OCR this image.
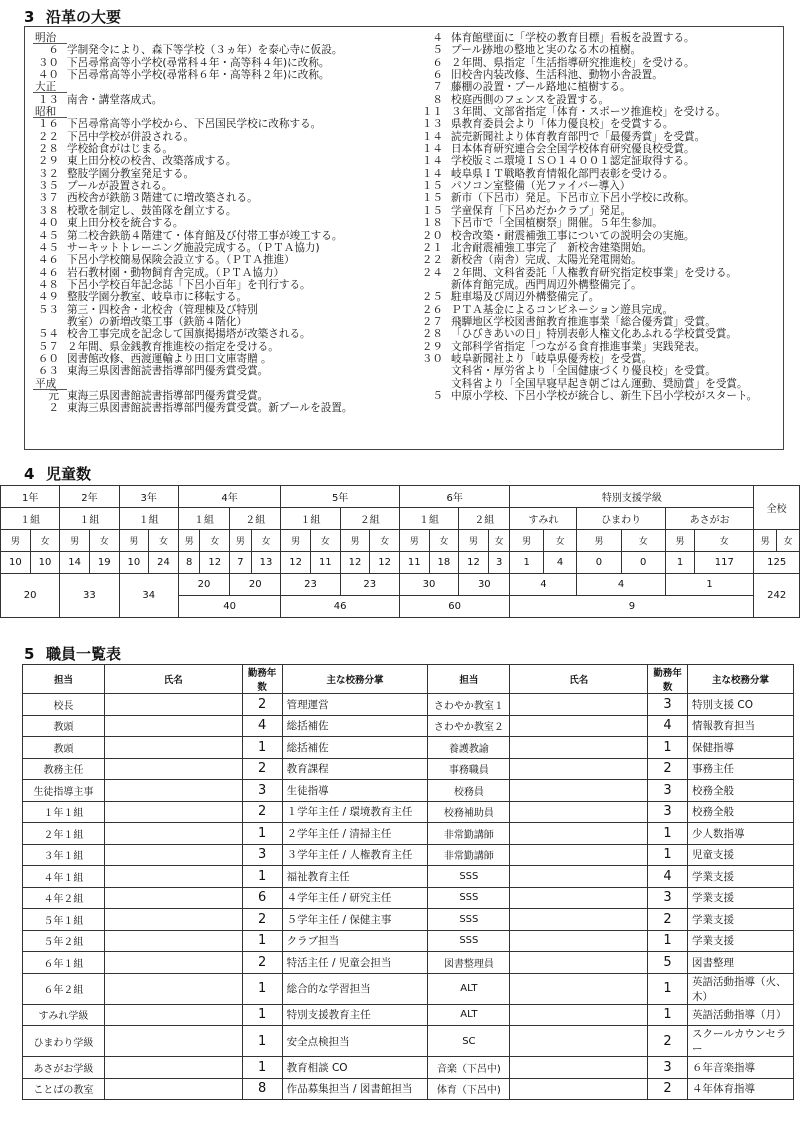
3 沿革の大要
明治
６ 学制発令により、森下等学校（３ヵ年）を泰心寺に仮設。
３０ 下呂尋常高等小学校(尋常科４年・高等科４年)に改称。
４０ 下呂尋常高等小学校(尋常科６年・高等科２年)に改称。
大正
１３ 南舎・講堂落成式。
昭和
１６ 下呂尋常高等小学校から、下呂国民学校に改称する。
２２ 下呂中学校が併設される。
２８ 学校給食がはじまる。
２９ 東上田分校の校舎、改築落成する。
３２ 整肢学園分教室発足する。
３５ プールが設置される。
３７ 西校舎が鉄筋３階建てに増改築される。
３８ 校歌を制定し、鼓笛隊を創立する。
４０ 東上田分校を統合する。
４５ 第二校舎鉄筋４階建て・体育館及び付帯工事が竣工する。
４５ サーキットトレーニング施設完成する。（ＰＴＡ協力)
４６ 下呂小学校簡易保険会設立する。（ＰＴＡ推進）
４６ 岩石教材園・動物飼育舎完成。（ＰＴＡ協力）
４８ 下呂小学校百年記念誌「下呂小百年」を刊行する。
４９ 整肢学園分教室、岐阜市に移転する。
５３ 第三・四校舎・北校舎（管理棟及び特別
教室）の新増改築工事（鉄筋４階化）
５４ 校舎工事完成を記念して国旗掲揚塔が改築される。
５７ ２年間、県金銭教育推進校の指定を受ける。
６０ 図書館改修、西渡運輸より田口文庫寄贈 。
６３ 東海三県図書館読書指導部門優秀賞受賞。
平成
元 東海三県図書館読書指導部門優秀賞受賞。
２ 東海三県図書館読書指導部門優秀賞受賞。新プールを設置。
４ 体育館壁面に「学校の教育目標」看板を設置する。
５ プール跡地の整地と実のなる木の植樹。
６ ２年間、県指定「生活指導研究推進校」を受ける。
６ 旧校舎内装改修、生活科池、動物小舎設置。
７ 藤棚の設置・プール路地に植樹する。
８ 校庭西側のフェンスを設置する。
１１ ３年間、文部省指定「体育・スポーツ推進校」を受ける。
１３ 県教育委員会より「体力優良校」を受賞する。
１４ 読売新聞社より体育教育部門で「最優秀賞」を受賞。
１４ 日本体育研究連合会全国学校体育研究優良校受賞。
１４ 学校版ミニ環境ＩＳＯ１４００１認定証取得する。
１４ 岐阜県ＩＴ戦略教育情報化部門表彰を受ける。
１５ パソコン室整備（光ファイバー導入）
１５ 新市（下呂市）発足。下呂市立下呂小学校に改称。
１５ 学童保育「下呂めだかクラブ」発足。
１８ 下呂市で「全国植樹祭」開催。５年生参加。
２０ 校舎改築・耐震補強工事についての説明会の実施。
２１ 北舎耐震補強工事完了　新校舎建築開始。
２２ 新校舎（南舎）完成、太陽光発電開始。
２４ ２年間、文科省委託「人権教育研究指定校事業」を受ける。
新体育館完成。西門周辺外構整備完了。
２５ 駐車場及び周辺外構整備完了。
２６ ＰＴＡ基金によるコンビネーション遊具完成。
２７ 飛騨地区学校図書館教育推進事業「総合優秀賞」受賞。
２８ 「ひびきあいの日」特別表彰人権文化あふれる学校賞受賞。
２９ 文部科学省指定「つながる食育推進事業」実践発表。
３０ 岐阜新聞社より「岐阜県優秀校」を受賞。
文科省・厚労省より「全国健康づくり優良校」を受賞。
文科省より「全国早寝早起き朝ごはん運動、奨励賞」を受賞。
５ 中原小学校、下呂小学校が統合し、新生下呂小学校がスタート。
4 児童数
1年		2年		3年		4年				5年				6年				特別支援学級						全校	
１組		１組		１組		１組		２組		１組		２組		１組		２組		すみれ		ひまわり		あさがお			
男	女	男	女	男	女	男	女	男	女	男	女	男	女	男	女	男	女	男	女	男	女	男	女	男	女
10	10	14	19	10	24	8	12	7	13	12	11	12	12	11	18	12	3	1	4	0	0	1	117	125	
20		33		34		20		20		23		23		30		30		4		4		1		242	
						40				46				60				9							
5 職員一覧表
担当	氏名	勤務年数	主な校務分掌	担当	氏名	勤務年数	主な校務分掌
校長		2	管理運営	さわやか教室１		3	特別支援 CO
教頭		4	総括補佐	さわやか教室２		4	情報教育担当
教頭		1	総括補佐	養護教諭		1	保健指導
教務主任		2	教育課程	事務職員		2	事務主任
生徒指導主事		3	生徒指導	校務員		3	校務全般
１年１組		2	１学年主任 / 環境教育主任	校務補助員		3	校務全般
２年１組		1	２学年主任 / 清掃主任	非常勤講師		1	少人数指導
３年１組		3	３学年主任 / 人権教育主任	非常勤講師		1	児童支援
４年１組		1	福祉教育主任	SSS		4	学業支援
４年２組		6	４学年主任 / 研究主任	SSS		3	学業支援
５年１組		2	５学年主任 / 保健主事	SSS		2	学業支援
５年２組		1	クラブ担当	SSS		1	学業支援
６年１組		2	特活主任 / 児童会担当	図書整理員		5	図書整理
６年２組		1	総合的な学習担当	ALT		1	英語活動指導（火、木）
すみれ学級		1	特別支援教育主任	ALT		1	英語活動指導（月）
ひまわり学級		1	安全点検担当	SC		2	スクールカウンセラー
あさがお学級		1	教育相談 CO	音楽（下呂中)		3	６年音楽指導
ことばの教室		8	作品募集担当 / 図書館担当	体育（下呂中)		2	４年体育指導
